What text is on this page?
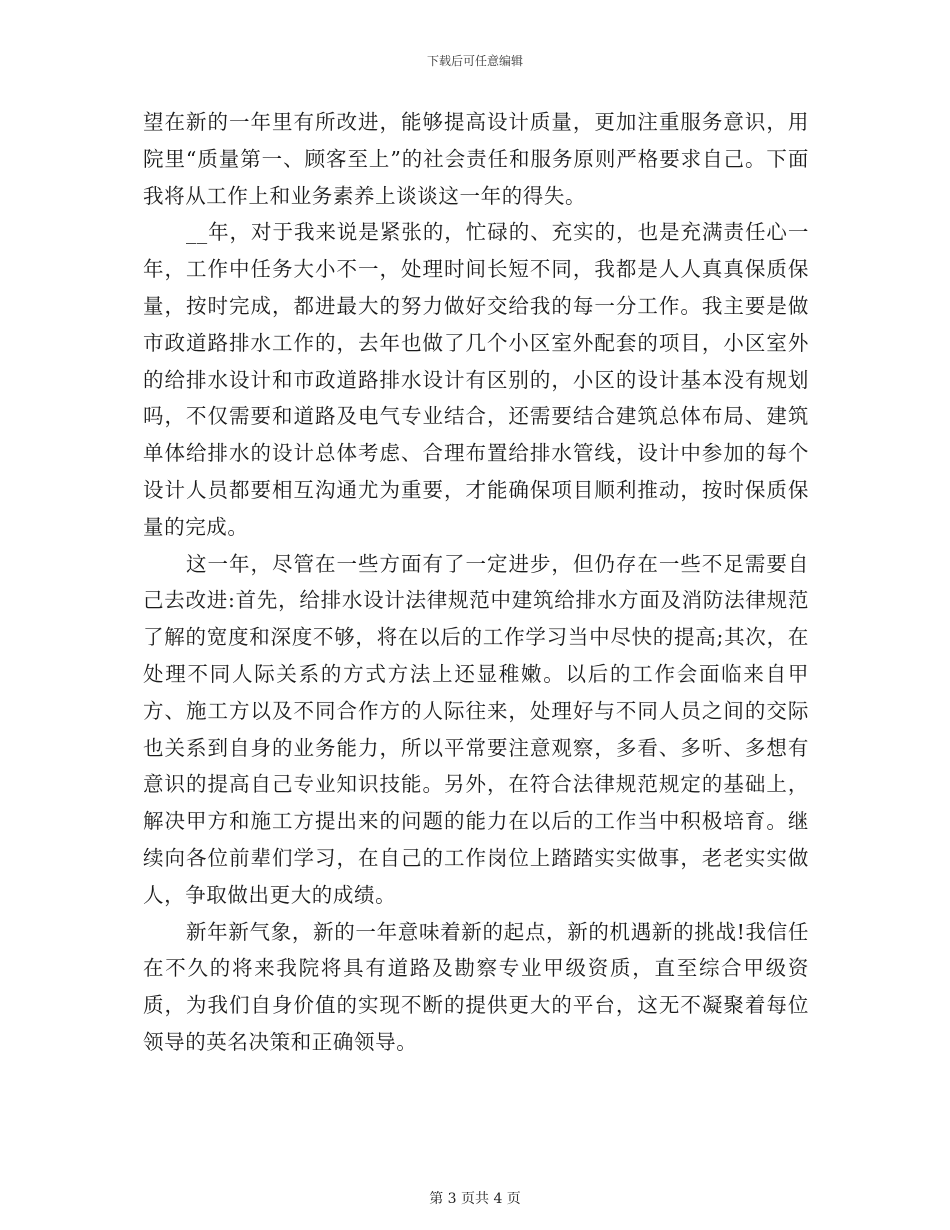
下载后可任意编辑

望在新的一年里有所改进，能够提高设计质量，更加注重服务意识，用院里“质量第一、顾客至上”的社会责任和服务原则严格要求自己。下面我将从工作上和业务素养上谈谈这一年的得失。

__年，对于我来说是紧张的，忙碌的、充实的，也是充满责任心一年，工作中任务大小不一，处理时间长短不同，我都是人人真真保质保量，按时完成，都进最大的努力做好交给我的每一分工作。我主要是做市政道路排水工作的，去年也做了几个小区室外配套的项目，小区室外的给排水设计和市政道路排水设计有区别的，小区的设计基本没有规划吗，不仅需要和道路及电气专业结合，还需要结合建筑总体布局、建筑单体给排水的设计总体考虑、合理布置给排水管线，设计中参加的每个设计人员都要相互沟通尤为重要，才能确保项目顺利推动，按时保质保量的完成。

这一年，尽管在一些方面有了一定进步，但仍存在一些不足需要自己去改进:首先，给排水设计法律规范中建筑给排水方面及消防法律规范了解的宽度和深度不够，将在以后的工作学习当中尽快的提高;其次，在处理不同人际关系的方式方法上还显稚嫩。以后的工作会面临来自甲方、施工方以及不同合作方的人际往来，处理好与不同人员之间的交际也关系到自身的业务能力，所以平常要注意观察，多看、多听、多想有意识的提高自己专业知识技能。另外，在符合法律规范规定的基础上，解决甲方和施工方提出来的问题的能力在以后的工作当中积极培育。继续向各位前辈们学习，在自己的工作岗位上踏踏实实做事，老老实实做人，争取做出更大的成绩。

新年新气象，新的一年意味着新的起点，新的机遇新的挑战!我信任在不久的将来我院将具有道路及勘察专业甲级资质，直至综合甲级资质，为我们自身价值的实现不断的提供更大的平台，这无不凝聚着每位领导的英名决策和正确领导。

第 3 页共 4 页
